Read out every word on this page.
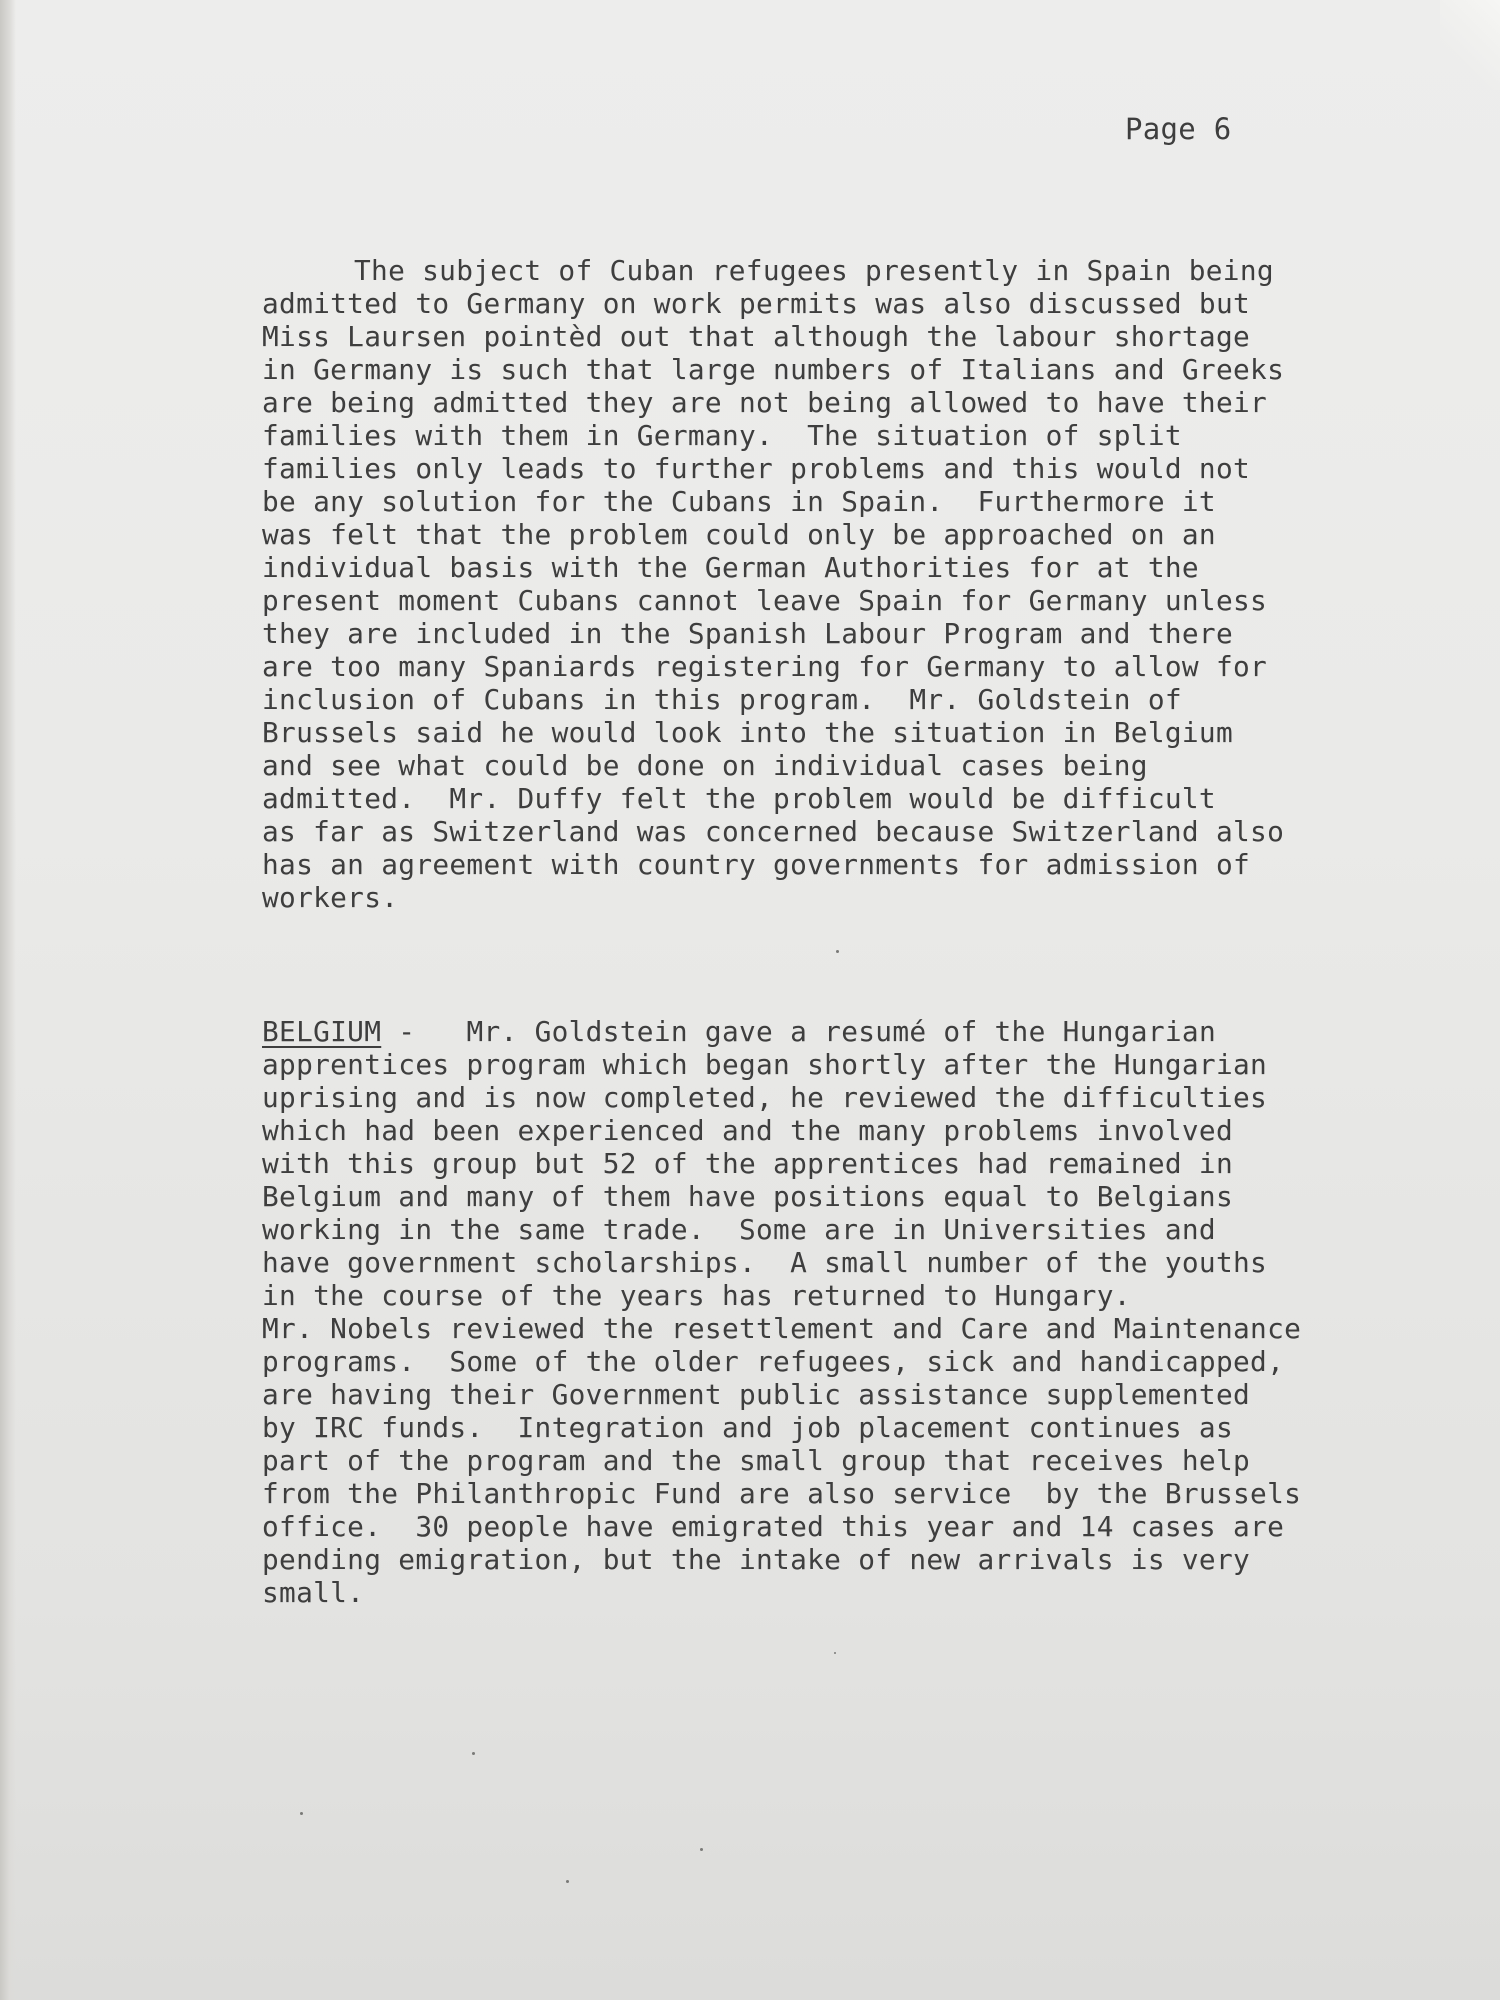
Page 6
The subject of Cuban refugees presently in Spain being
admitted to Germany on work permits was also discussed but
Miss Laursen pointèd out that although the labour shortage
in Germany is such that large numbers of Italians and Greeks
are being admitted they are not being allowed to have their
families with them in Germany.  The situation of split
families only leads to further problems and this would not
be any solution for the Cubans in Spain.  Furthermore it
was felt that the problem could only be approached on an
individual basis with the German Authorities for at the
present moment Cubans cannot leave Spain for Germany unless
they are included in the Spanish Labour Program and there
are too many Spaniards registering for Germany to allow for
inclusion of Cubans in this program.  Mr. Goldstein of
Brussels said he would look into the situation in Belgium
and see what could be done on individual cases being
admitted.  Mr. Duffy felt the problem would be difficult
as far as Switzerland was concerned because Switzerland also
has an agreement with country governments for admission of
workers.
BELGIUM -   Mr. Goldstein gave a resumé of the Hungarian
apprentices program which began shortly after the Hungarian
uprising and is now completed, he reviewed the difficulties
which had been experienced and the many problems involved
with this group but 52 of the apprentices had remained in
Belgium and many of them have positions equal to Belgians
working in the same trade.  Some are in Universities and
have government scholarships.  A small number of the youths
in the course of the years has returned to Hungary.
Mr. Nobels reviewed the resettlement and Care and Maintenance
programs.  Some of the older refugees, sick and handicapped,
are having their Government public assistance supplemented
by IRC funds.  Integration and job placement continues as
part of the program and the small group that receives help
from the Philanthropic Fund are also service  by the Brussels
office.  30 people have emigrated this year and 14 cases are
pending emigration, but the intake of new arrivals is very
small.
